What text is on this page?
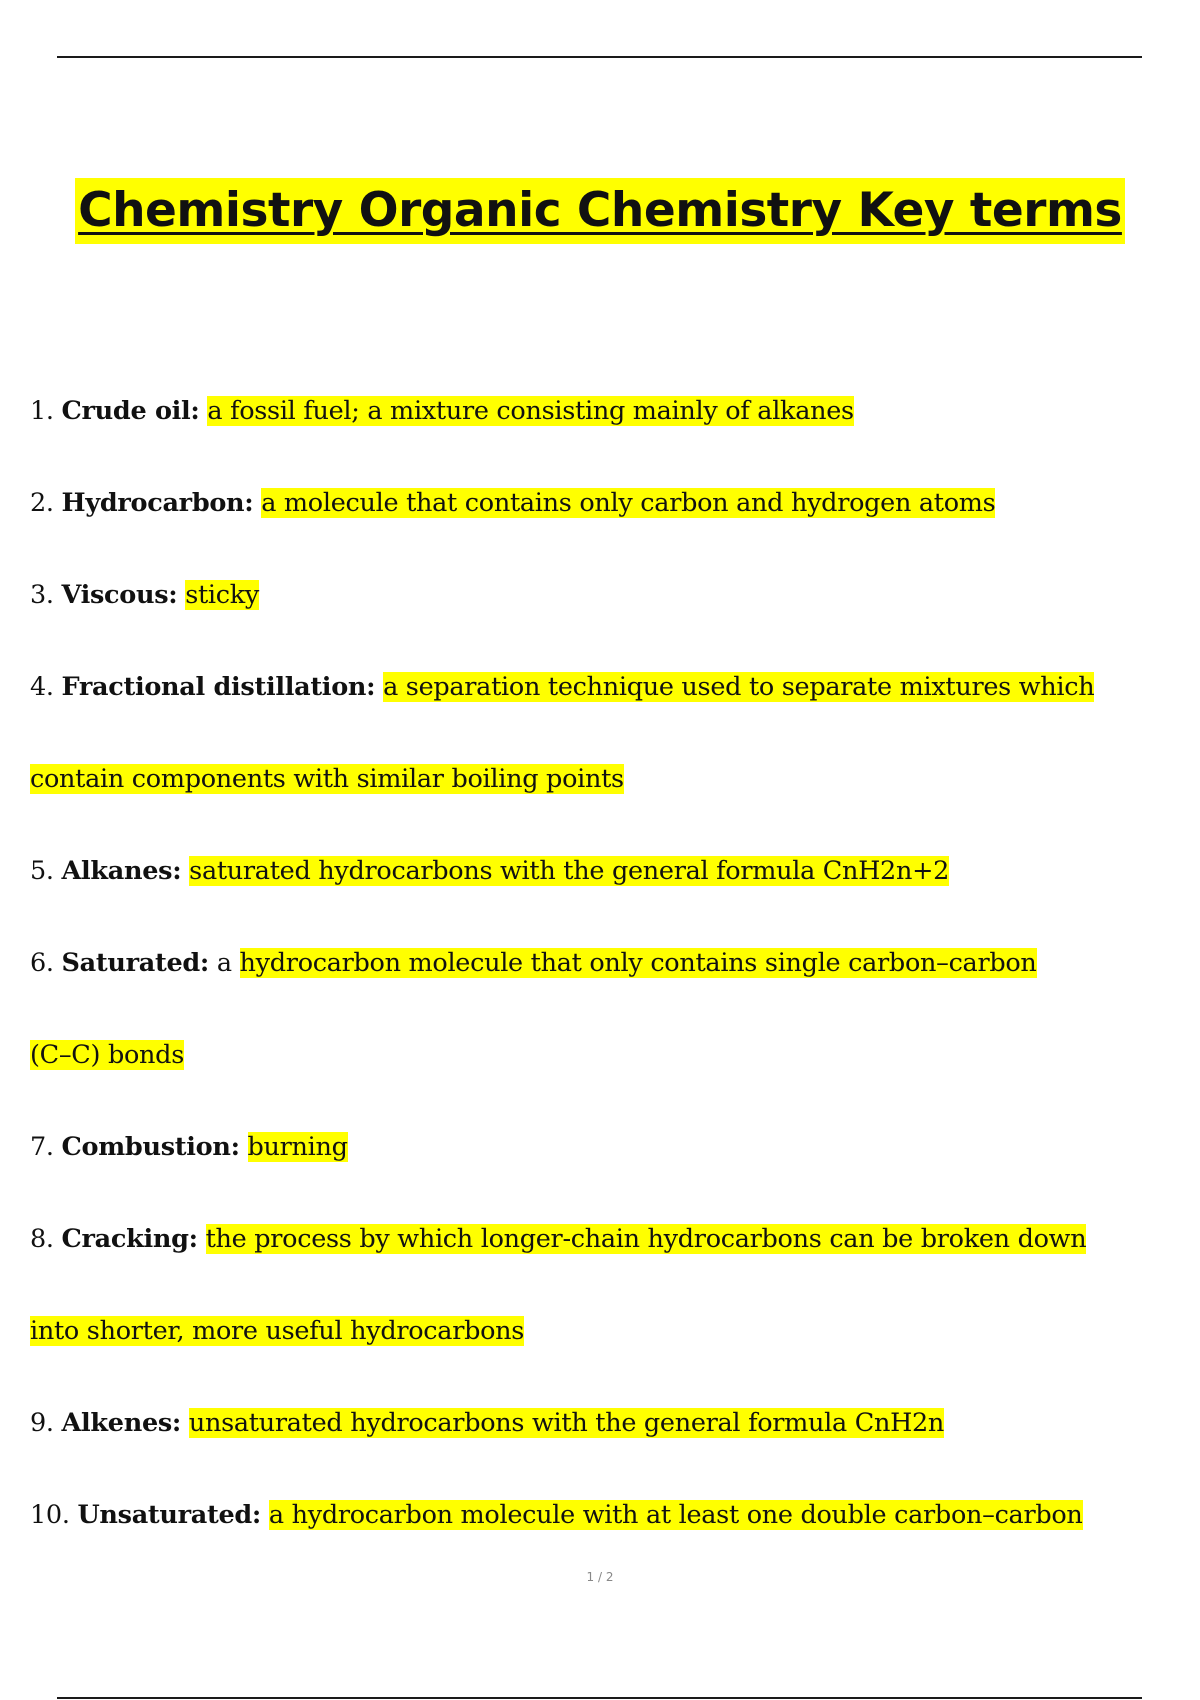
Chemistry Organic Chemistry Key terms
1. Crude oil: a fossil fuel; a mixture consisting mainly of alkanes
2. Hydrocarbon: a molecule that contains only carbon and hydrogen atoms
3. Viscous: sticky
4. Fractional distillation: a separation technique used to separate mixtures which
contain components with similar boiling points
5. Alkanes: saturated hydrocarbons with the general formula CnH2n+2
6. Saturated: a hydrocarbon molecule that only contains single carbon–carbon
(C–C) bonds
7. Combustion: burning
8. Cracking: the process by which longer-chain hydrocarbons can be broken down
into shorter, more useful hydrocarbons
9. Alkenes: unsaturated hydrocarbons with the general formula CnH2n
10. Unsaturated: a hydrocarbon molecule with at least one double carbon–carbon
1 / 2
